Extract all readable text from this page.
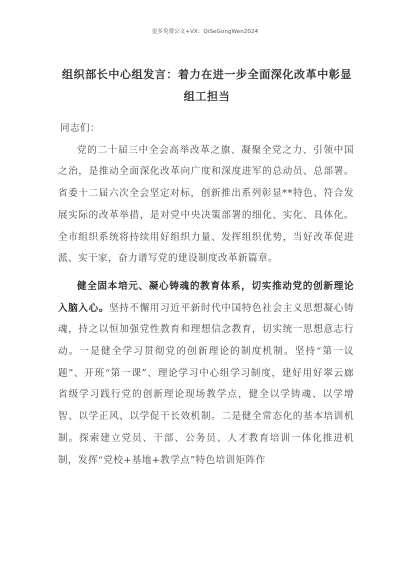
更多免费公文+VX：QiSeGongWen2024
组织部长中心组发言：着力在进一步全面深化改革中彰显组工担当

同志们：

党的二十届三中全会高举改革之旗、凝聚全党之力、引领中国之治，是推动全面深化改革向广度和深度进军的总动员、总部署。省委十二届六次全会坚定对标，创新推出系列彰显**特色、符合发展实际的改革举措，是对党中央决策部署的细化、实化、具体化。全市组织系统将持续用好组织力量、发挥组织优势，当好改革促进派、实干家，奋力谱写党的建设制度改革新篇章。

健全固本培元、凝心铸魂的教育体系，切实推动党的创新理论入脑入心。坚持不懈用习近平新时代中国特色社会主义思想凝心铸魂，持之以恒加强党性教育和理想信念教育，切实统一思想意志行动。一是健全学习贯彻党的创新理论的制度机制。坚持“第一议题”、开班“第一课”、理论学习中心组学习制度，建好用好翠云廊省级学习践行党的创新理论现场教学点，健全以学铸魂、以学增智、以学正风、以学促干长效机制。二是健全常态化的基本培训机制。探索建立党员、干部、公务员、人才教育培训一体化推进机制，发挥“党校+基地+教学点”特色培训矩阵作
